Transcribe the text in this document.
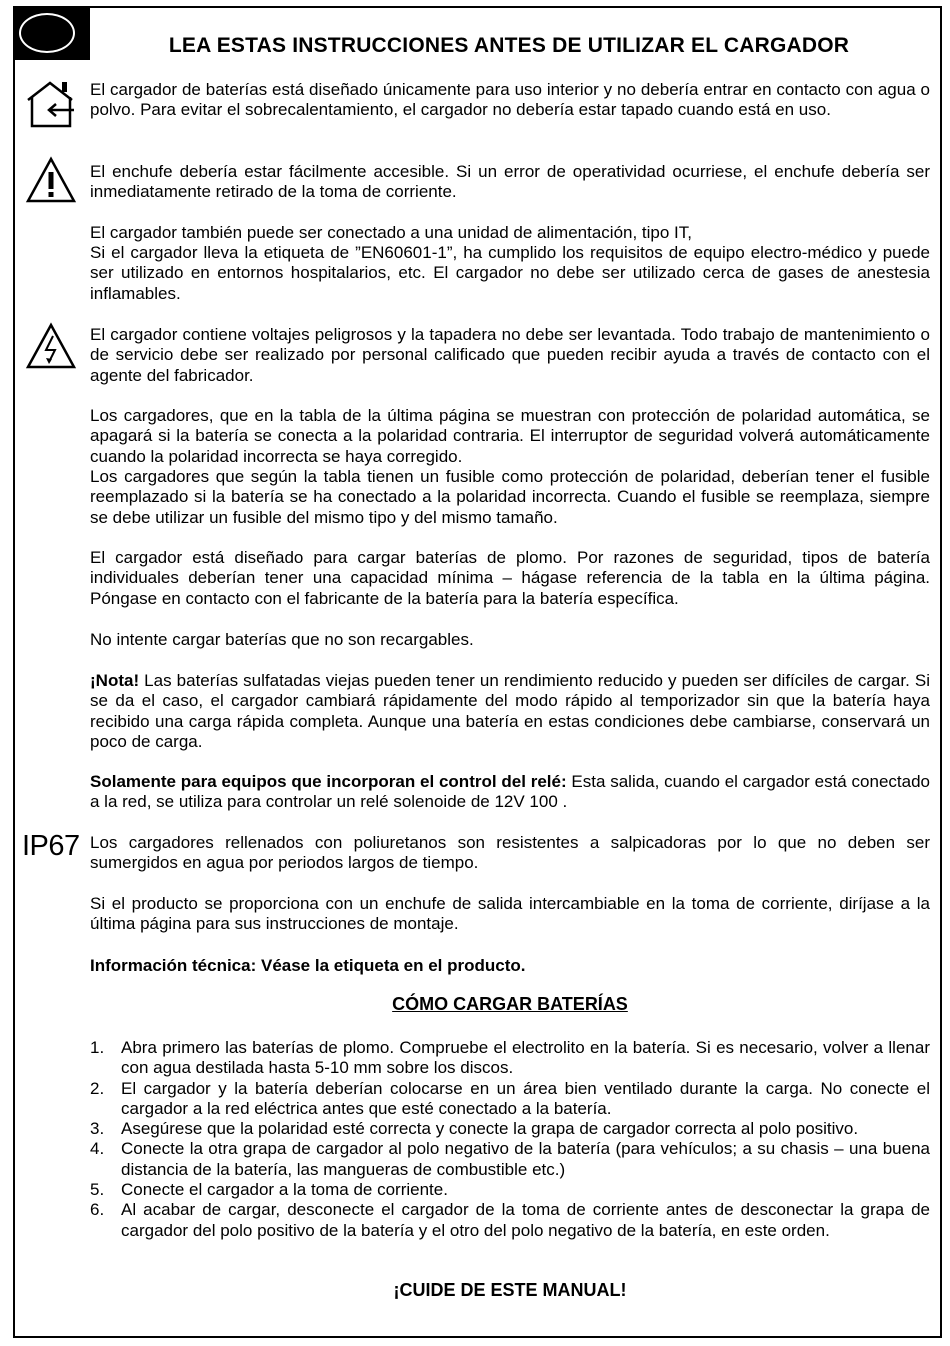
LEA ESTAS INSTRUCCIONES ANTES DE UTILIZAR EL CARGADOR
El cargador de baterías está diseñado únicamente para uso interior y no debería entrar en contacto con agua o polvo. Para evitar el sobrecalentamiento, el cargador no debería estar tapado cuando está en uso.
El enchufe debería estar fácilmente accesible. Si un error de operatividad ocurriese, el enchufe debería ser inmediatamente retirado de la toma de corriente.
El cargador también puede ser conectado a una unidad de alimentación, tipo IT,
Si el cargador lleva la etiqueta de ”EN60601-1”, ha cumplido los requisitos de equipo electro-médico y puede ser utilizado en entornos hospitalarios, etc. El cargador no debe ser utilizado cerca de gases de anestesia inflamables.
El cargador contiene voltajes peligrosos y la tapadera no debe ser levantada. Todo trabajo de mantenimiento o de servicio debe ser realizado por personal calificado que pueden recibir ayuda a través de contacto con el agente del fabricador.
Los cargadores, que en la tabla de la última página se muestran con protección de polaridad automática, se apagará si la batería se conecta a la polaridad contraria. El interruptor de seguridad volverá automáticamente cuando la polaridad incorrecta se haya corregido.
Los cargadores que según la tabla tienen un fusible como protección de polaridad, deberían tener el fusible reemplazado si la batería se ha conectado a la polaridad incorrecta. Cuando el fusible se reemplaza, siempre se debe utilizar un fusible del mismo tipo y del mismo tamaño.
El cargador está diseñado para cargar baterías de plomo. Por razones de seguridad, tipos de batería individuales deberían tener una capacidad mínima – hágase referencia de la tabla en la última página. Póngase en contacto con el fabricante de la batería para la batería específica.
No intente cargar baterías que no son recargables.
¡Nota! Las baterías sulfatadas viejas pueden tener un rendimiento reducido y pueden ser difíciles de cargar. Si se da el caso, el cargador cambiará rápidamente del modo rápido al temporizador sin que la batería haya recibido una carga rápida completa. Aunque una batería en estas condiciones debe cambiarse, conservará un poco de carga.
Solamente para equipos que incorporan el control del relé: Esta salida, cuando el cargador está conectado a la red, se utiliza para controlar un relé solenoide de 12V 100 .
IP67 Los cargadores rellenados con poliuretanos son resistentes a salpicadoras por lo que no deben ser sumergidos en agua por periodos largos de tiempo.
Si el producto se proporciona con un enchufe de salida intercambiable en la toma de corriente, diríjase a la última página para sus instrucciones de montaje.
Información técnica: Véase la etiqueta en el producto.
CÓMO CARGAR BATERÍAS
1. Abra primero las baterías de plomo. Compruebe el electrolito en la batería. Si es necesario, volver a llenar con agua destilada hasta 5-10 mm sobre los discos.
2. El cargador y la batería deberían colocarse en un área bien ventilado durante la carga. No conecte el cargador a la red eléctrica antes que esté conectado a la batería.
3. Asegúrese que la polaridad esté correcta y conecte la grapa de cargador correcta al polo positivo.
4. Conecte la otra grapa de cargador al polo negativo de la batería (para vehículos; a su chasis – una buena distancia de la batería, las mangueras de combustible etc.)
5. Conecte el cargador a la toma de corriente.
6. Al acabar de cargar, desconecte el cargador de la toma de corriente antes de desconectar la grapa de cargador del polo positivo de la batería y el otro del polo negativo de la batería, en este orden.
¡CUIDE DE ESTE MANUAL!
